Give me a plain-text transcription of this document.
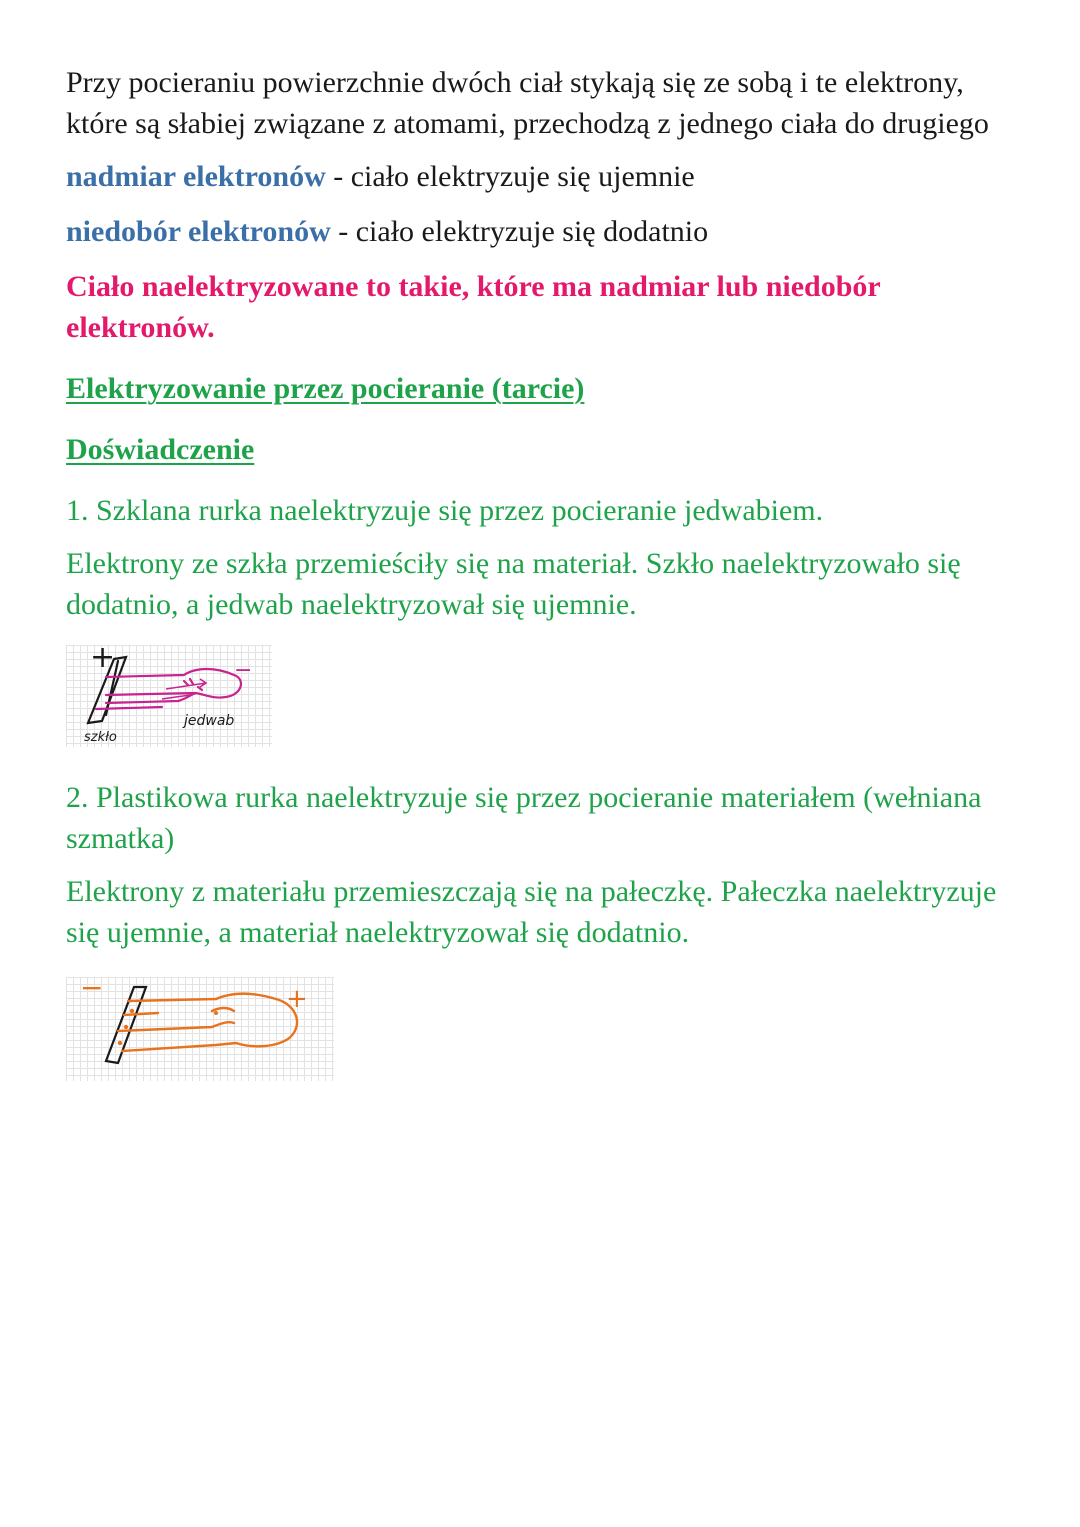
Przy pocieraniu powierzchnie dwóch ciał stykają się ze sobą i te elektrony, które są słabiej związane z atomami, przechodzą z jednego ciała do drugiego

nadmiar elektronów - ciało elektryzuje się ujemnie

niedobór elektronów - ciało elektryzuje się dodatnio

Ciało naelektryzowane to takie, które ma nadmiar lub niedobór elektronów.

Elektryzowanie przez pocieranie (tarcie)

Doświadczenie

1. Szklana rurka naelektryzuje się przez pocieranie jedwabiem.

Elektrony ze szkła przemieściły się na materiał. Szkło naelektryzowało się dodatnio, a jedwab naelektryzował się ujemnie.

+	−
szkło
jedwab

2. Plastikowa rurka naelektryzuje się przez pocieranie materiałem (wełniana szmatka)

Elektrony z materiału przemieszczają się na pałeczkę. Pałeczka naelektryzuje się ujemnie, a materiał naelektryzował się dodatnio.

−	+
